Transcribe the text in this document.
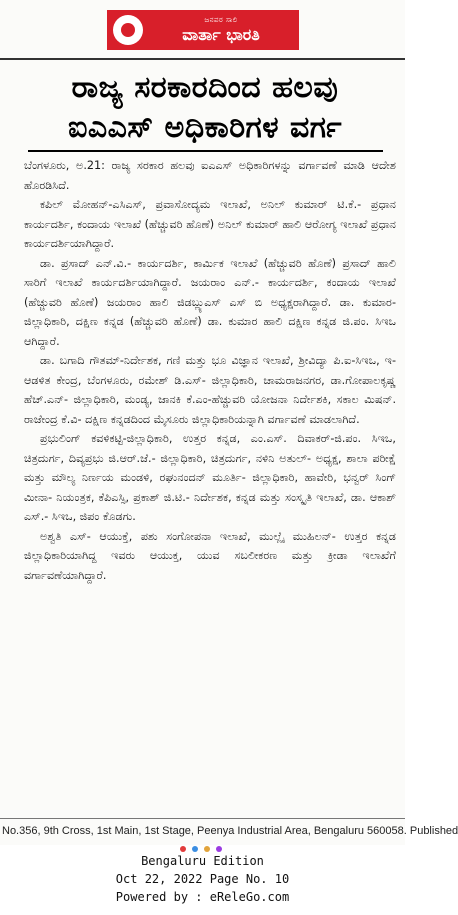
ಜನಪರ ಸಾಲಿ
ವಾರ್ತಾ ಭಾರತಿ
ರಾಜ್ಯ ಸರಕಾರದಿಂದ ಹಲವು
ಐಎಎಸ್ ಅಧಿಕಾರಿಗಳ ವರ್ಗ

ಬೆಂಗಳೂರು, ಅ.21: ರಾಜ್ಯ ಸರಕಾರ ಹಲವು ಐಎಎಸ್ ಅಧಿಕಾರಿಗಳನ್ನು ವರ್ಗಾವಣೆ ಮಾಡಿ ಆದೇಶ ಹೊರಡಿಸಿದೆ.

ಕಪಿಲ್ ಮೋಹನ್-ಎಸಿಎಸ್, ಪ್ರವಾಸೋದ್ಯಮ ಇಲಾಖೆ, ಅನಿಲ್ ಕುಮಾರ್ ಟಿ.ಕೆ.- ಪ್ರಧಾನ ಕಾರ್ಯದರ್ಶಿ, ಕಂದಾಯ ಇಲಾಖೆ (ಹೆಚ್ಚುವರಿ ಹೊಣೆ) ಅನಿಲ್ ಕುಮಾರ್ ಹಾಲಿ ಆರೋಗ್ಯ ಇಲಾಖೆ ಪ್ರಧಾನ ಕಾರ್ಯದರ್ಶಿಯಾಗಿದ್ದಾರೆ.

ಡಾ. ಪ್ರಸಾದ್ ಎನ್.ವಿ.- ಕಾರ್ಯದರ್ಶಿ, ಕಾರ್ಮಿಕ ಇಲಾಖೆ (ಹೆಚ್ಚುವರಿ ಹೊಣೆ) ಪ್ರಸಾದ್ ಹಾಲಿ ಸಾರಿಗೆ ಇಲಾಖೆ ಕಾರ್ಯದರ್ಶಿಯಾಗಿದ್ದಾರೆ. ಜಯರಾಂ ಎನ್.- ಕಾರ್ಯದರ್ಶಿ, ಕಂದಾಯ ಇಲಾಖೆ (ಹೆಚ್ಚುವರಿ ಹೊಣೆ) ಜಯರಾಂ ಹಾಲಿ ಜಿಡಬ್ಲ್ಯುಎಸ್ ಎಸ್ ಬಿ ಅಧ್ಯಕ್ಷರಾಗಿದ್ದಾರೆ. ಡಾ. ಕುಮಾರ- ಜಿಲ್ಲಾಧಿಕಾರಿ, ದಕ್ಷಿಣ ಕನ್ನಡ (ಹೆಚ್ಚುವರಿ ಹೊಣೆ) ಡಾ. ಕುಮಾರ ಹಾಲಿ ದಕ್ಷಿಣ ಕನ್ನಡ ಜಿ.ಪಂ. ಸಿಇಒ ಆಗಿದ್ದಾರೆ.

ಡಾ. ಬಗಾದಿ ಗೌತಮ್-ನಿರ್ದೇಶಕ, ಗಣಿ ಮತ್ತು ಭೂ ವಿಜ್ಞಾನ ಇಲಾಖೆ, ಶ್ರೀವಿದ್ಯಾ ಪಿ.ಐ-ಸಿಇಒ, ಇ-ಆಡಳಿತ ಕೇಂದ್ರ, ಬೆಂಗಳೂರು, ರಮೇಶ್ ಡಿ.ಎಸ್- ಜಿಲ್ಲಾಧಿಕಾರಿ, ಚಾಮರಾಜನಗರ, ಡಾ.ಗೋಪಾಲಕೃಷ್ಣ ಹೆಚ್.ಎನ್- ಜಿಲ್ಲಾಧಿಕಾರಿ, ಮಂಡ್ಯ, ಜಾನಕಿ ಕೆ.ಎಂ-ಹೆಚ್ಚುವರಿ ಯೋಜನಾ ನಿರ್ದೇಶಕಿ, ಸಕಾಲ ಮಿಷನ್. ರಾಜೇಂದ್ರ ಕೆ.ವಿ- ದಕ್ಷಿಣ ಕನ್ನಡದಿಂದ ಮೈಸೂರು ಜಿಲ್ಲಾಧಿಕಾರಿಯನ್ನಾಗಿ ವರ್ಗಾವಣೆ ಮಾಡಲಾಗಿದೆ.

ಪ್ರಭುಲಿಂಗ್ ಕವಳಿಕಟ್ಟಿ-ಜಿಲ್ಲಾಧಿಕಾರಿ, ಉತ್ತರ ಕನ್ನಡ, ಎಂ.ಎಸ್. ದಿವಾಕರ್-ಜಿ.ಪಂ. ಸಿಇಒ, ಚಿತ್ರದುರ್ಗ, ದಿವ್ಯಪ್ರಭು ಜಿ.ಆರ್.ಜೆ.- ಜಿಲ್ಲಾಧಿಕಾರಿ, ಚಿತ್ರದುರ್ಗ, ನಳಿನಿ ಅತುಲ್- ಅಧ್ಯಕ್ಷ, ಶಾಲಾ ಪರೀಕ್ಷೆ ಮತ್ತು ಮೌಲ್ಯ ನಿರ್ಣಯ ಮಂಡಳಿ, ರಘುನಂದನ್ ಮೂರ್ತಿ- ಜಿಲ್ಲಾಧಿಕಾರಿ, ಹಾವೇರಿ, ಭನ್ವರ್ ಸಿಂಗ್ ಮೀನಾ- ನಿಯಂತ್ರಕ, ಕೆಪಿಎಸ್ಸಿ, ಪ್ರಕಾಶ್ ಜಿ.ಟಿ.- ನಿರ್ದೇಶಕ, ಕನ್ನಡ ಮತ್ತು ಸಂಸ್ಕೃತಿ ಇಲಾಖೆ, ಡಾ. ಆಕಾಶ್ ಎಸ್.- ಸಿಇಒ, ಜಿಪಂ ಕೊಡಗು.

ಅಶ್ವತಿ ಎಸ್- ಆಯುಕ್ತೆ, ಪಶು ಸಂಗೋಪನಾ ಇಲಾಖೆ, ಮುಲ್ಲೈ ಮುಹಿಲನ್- ಉತ್ತರ ಕನ್ನಡ ಜಿಲ್ಲಾಧಿಕಾರಿಯಾಗಿದ್ದ ಇವರು ಆಯುಕ್ತ, ಯುವ ಸಬಲೀಕರಣ ಮತ್ತು ಕ್ರೀಡಾ ಇಲಾಖೆಗೆ ವರ್ಗಾವಣೆಯಾಗಿದ್ದಾರೆ.

No.356, 9th Cross, 1st Main, 1st Stage, Peenya Industrial Area, Bengaluru 560058. Published
Bengaluru Edition
Oct 22, 2022 Page No. 10
Powered by : eReleGo.com
